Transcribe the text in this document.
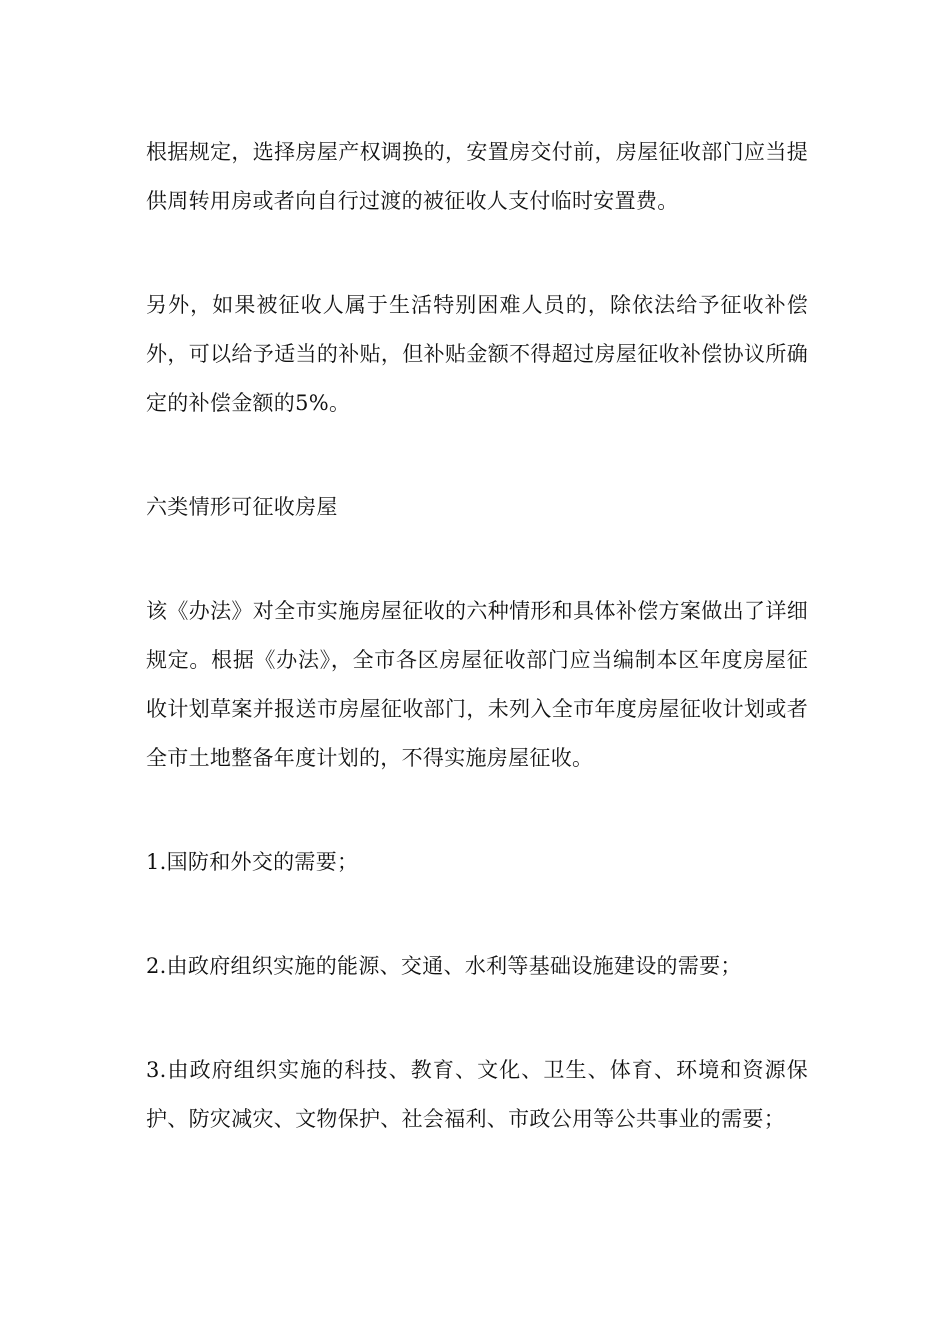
根据规定，选择房屋产权调换的，安置房交付前，房屋征收部门应当提供周转用房或者向自行过渡的被征收人支付临时安置费。

另外，如果被征收人属于生活特别困难人员的，除依法给予征收补偿外，可以给予适当的补贴，但补贴金额不得超过房屋征收补偿协议所确定的补偿金额的5%。

六类情形可征收房屋

该《办法》对全市实施房屋征收的六种情形和具体补偿方案做出了详细规定。根据《办法》，全市各区房屋征收部门应当编制本区年度房屋征收计划草案并报送市房屋征收部门，未列入全市年度房屋征收计划或者全市土地整备年度计划的，不得实施房屋征收。

1.国防和外交的需要；

2.由政府组织实施的能源、交通、水利等基础设施建设的需要；

3.由政府组织实施的科技、教育、文化、卫生、体育、环境和资源保护、防灾减灾、文物保护、社会福利、市政公用等公共事业的需要；
